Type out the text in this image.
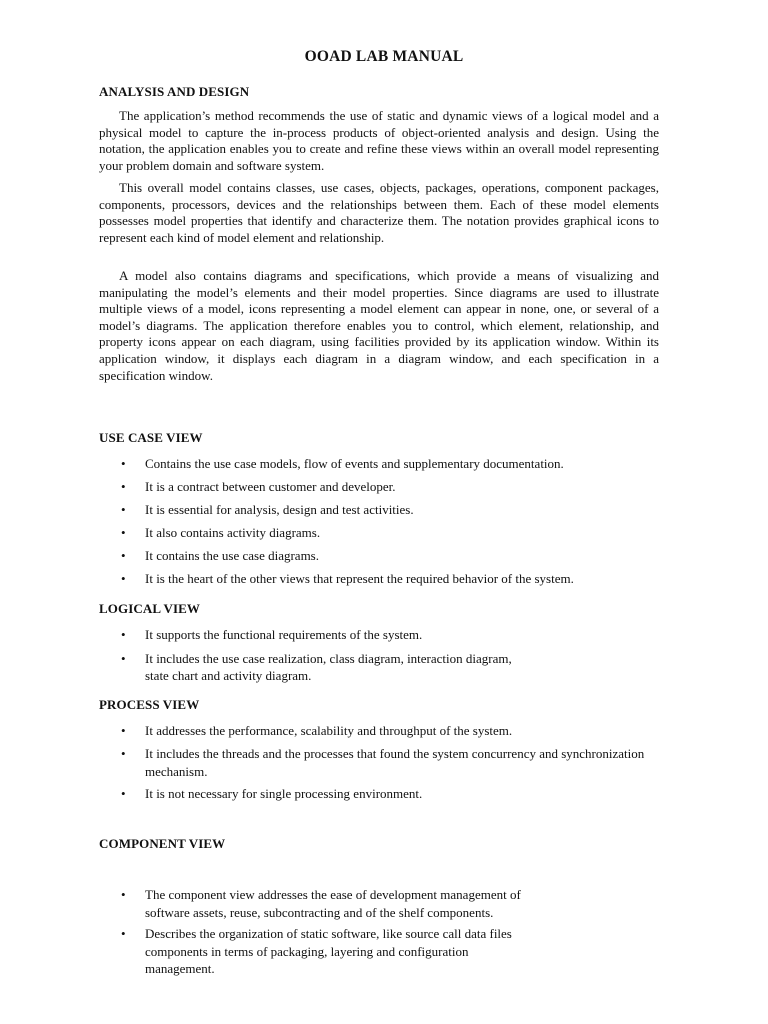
OOAD LAB MANUAL
ANALYSIS AND DESIGN

The application’s method recommends the use of static and dynamic views of a logical model and a physical model to capture the in-process products of object-oriented analysis and design. Using the notation, the application enables you to create and refine these views within an overall model representing your problem domain and software system.

This overall model contains classes, use cases, objects, packages, operations, component packages, components, processors, devices and the relationships between them. Each of these model elements possesses model properties that identify and characterize them. The notation provides graphical icons to represent each kind of model element and relationship.

A model also contains diagrams and specifications, which provide a means of visualizing and manipulating the model’s elements and their model properties. Since diagrams are used to illustrate multiple views of a model, icons representing a model element can appear in none, one, or several of a model’s diagrams. The application therefore enables you to control, which element, relationship, and property icons appear on each diagram, using facilities provided by its application window. Within its application window, it displays each diagram in a diagram window, and each specification in a specification window.

USE CASE VIEW
• Contains the use case models, flow of events and supplementary documentation.
• It is a contract between customer and developer.
• It is essential for analysis, design and test activities.
• It also contains activity diagrams.
• It contains the use case diagrams.
• It is the heart of the other views that represent the required behavior of the system.
LOGICAL VIEW
• It supports the functional requirements of the system.
• It includes the use case realization, class diagram, interaction diagram,
state chart and activity diagram.
PROCESS VIEW
• It addresses the performance, scalability and throughput of the system.
• It includes the threads and the processes that found the system concurrency and synchronization
mechanism.
• It is not necessary for single processing environment.
COMPONENT VIEW
• The component view addresses the ease of development management of
software assets, reuse, subcontracting and of the shelf components.
• Describes the organization of static software, like source call data files
components in terms of packaging, layering and configuration
management.
